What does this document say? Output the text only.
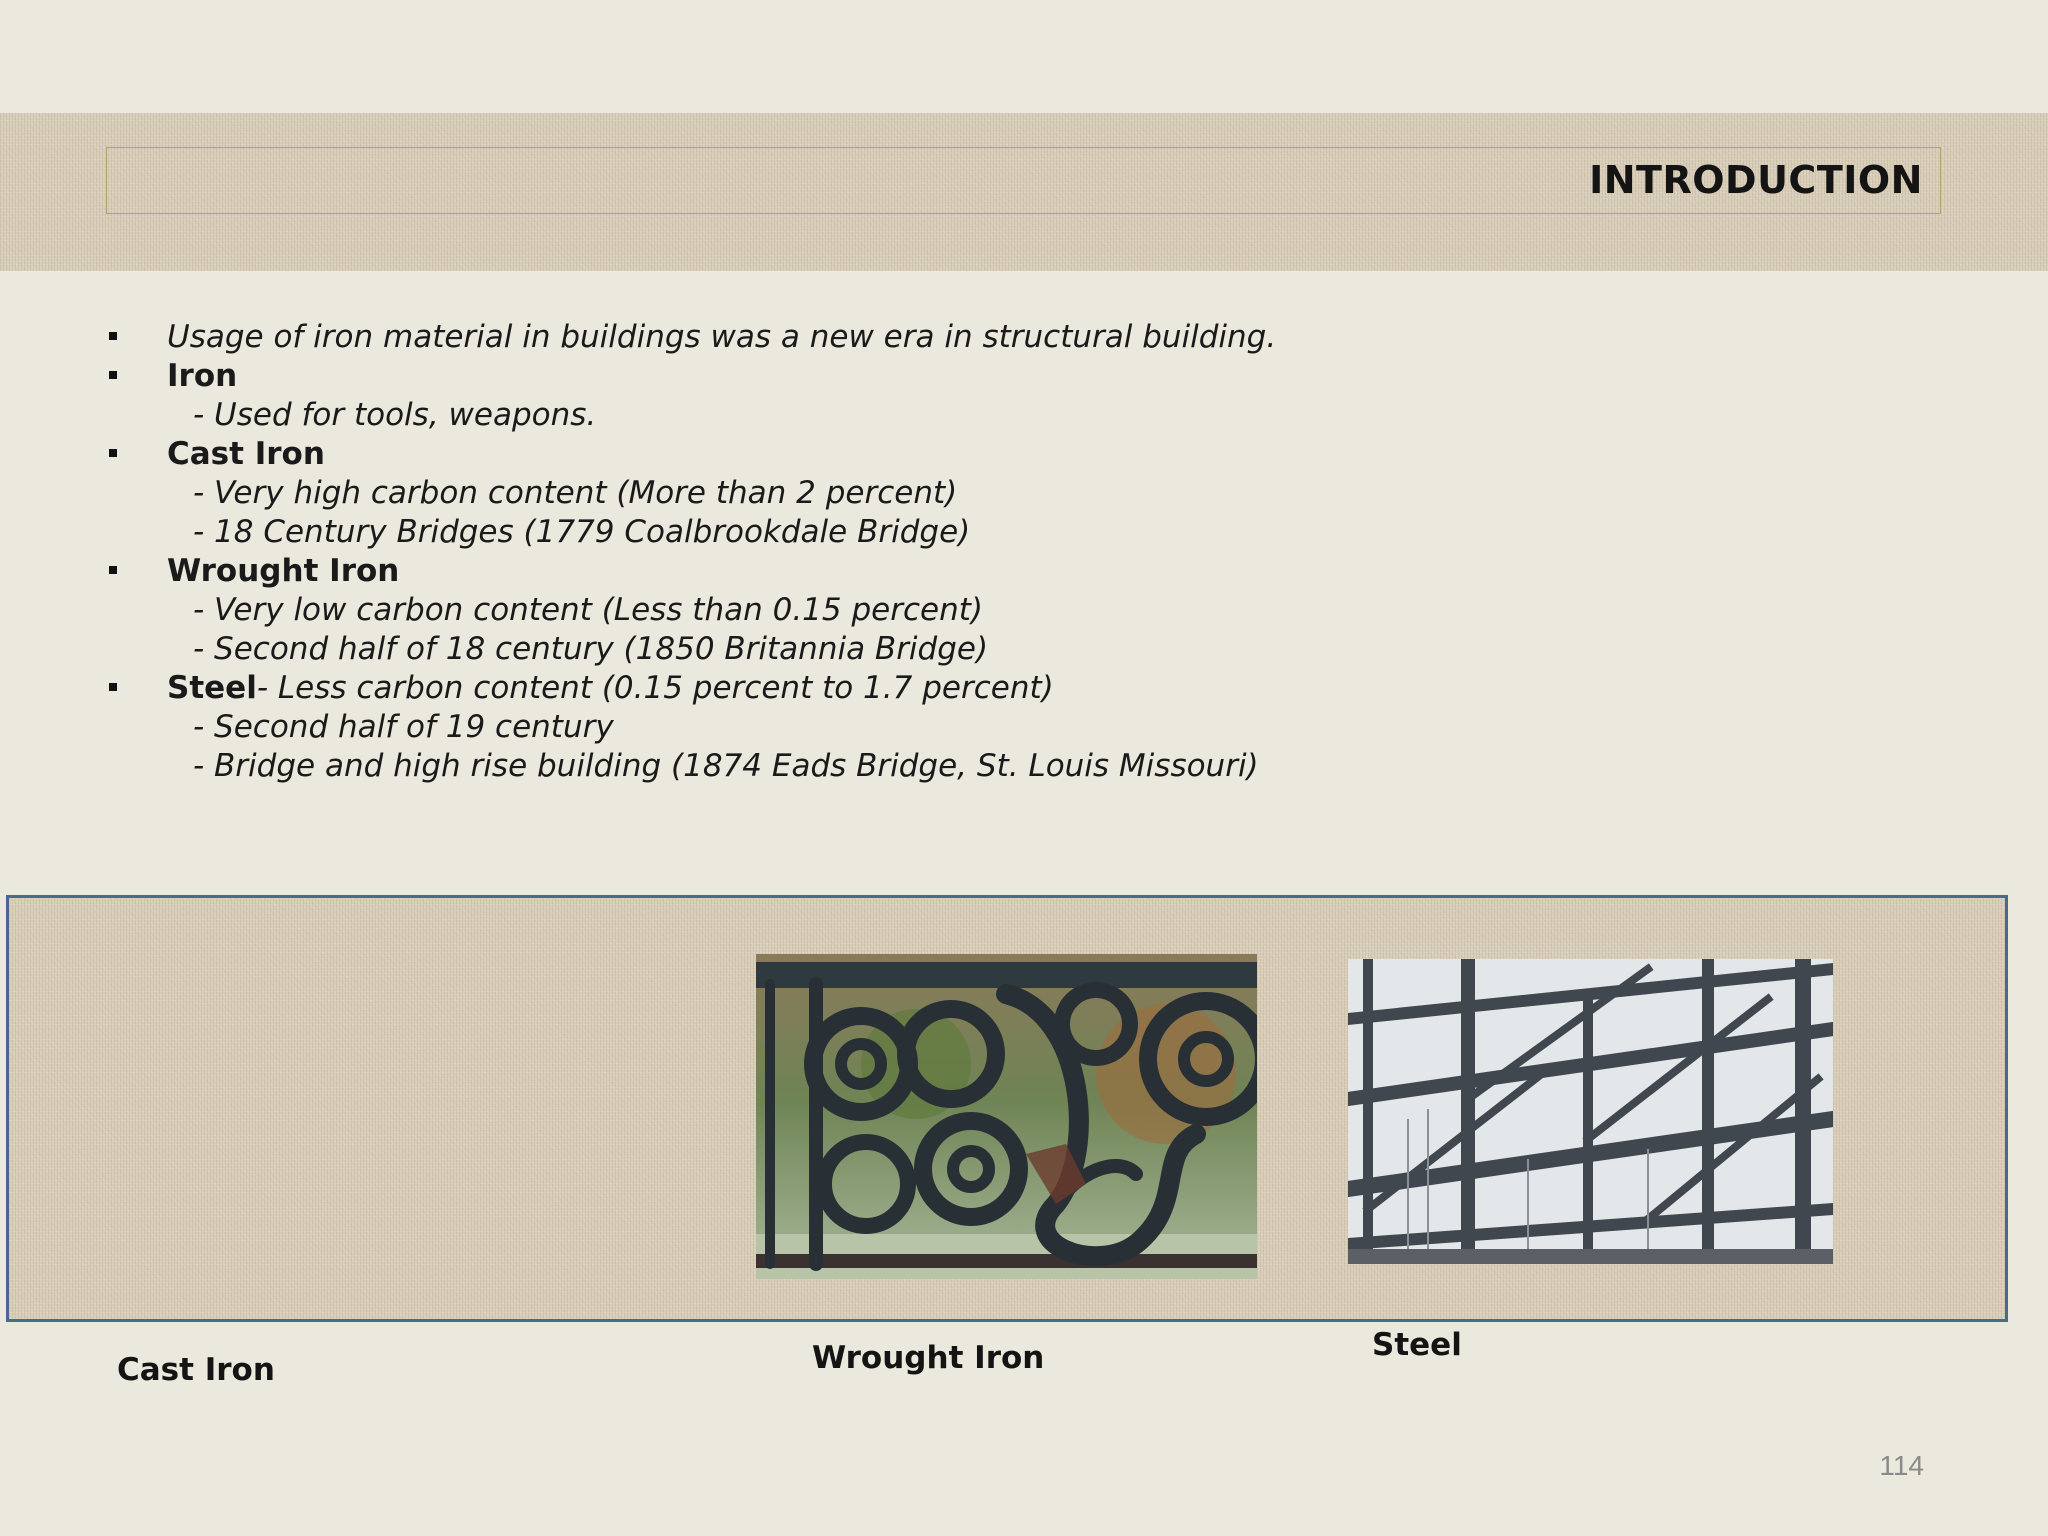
INTRODUCTION
Usage of iron material in buildings was a new era in structural building.
Iron
- Used for tools, weapons.
Cast Iron
- Very high carbon content (More than 2 percent)
- 18 Century Bridges (1779 Coalbrookdale Bridge)
Wrought Iron
- Very low carbon content (Less than 0.15 percent)
- Second half of 18 century (1850 Britannia Bridge)
Steel- Less carbon content (0.15 percent to 1.7 percent)
- Second half of 19 century
- Bridge and high rise building (1874 Eads Bridge, St. Louis Missouri)
Cast Iron	Wrought Iron	Steel
114
